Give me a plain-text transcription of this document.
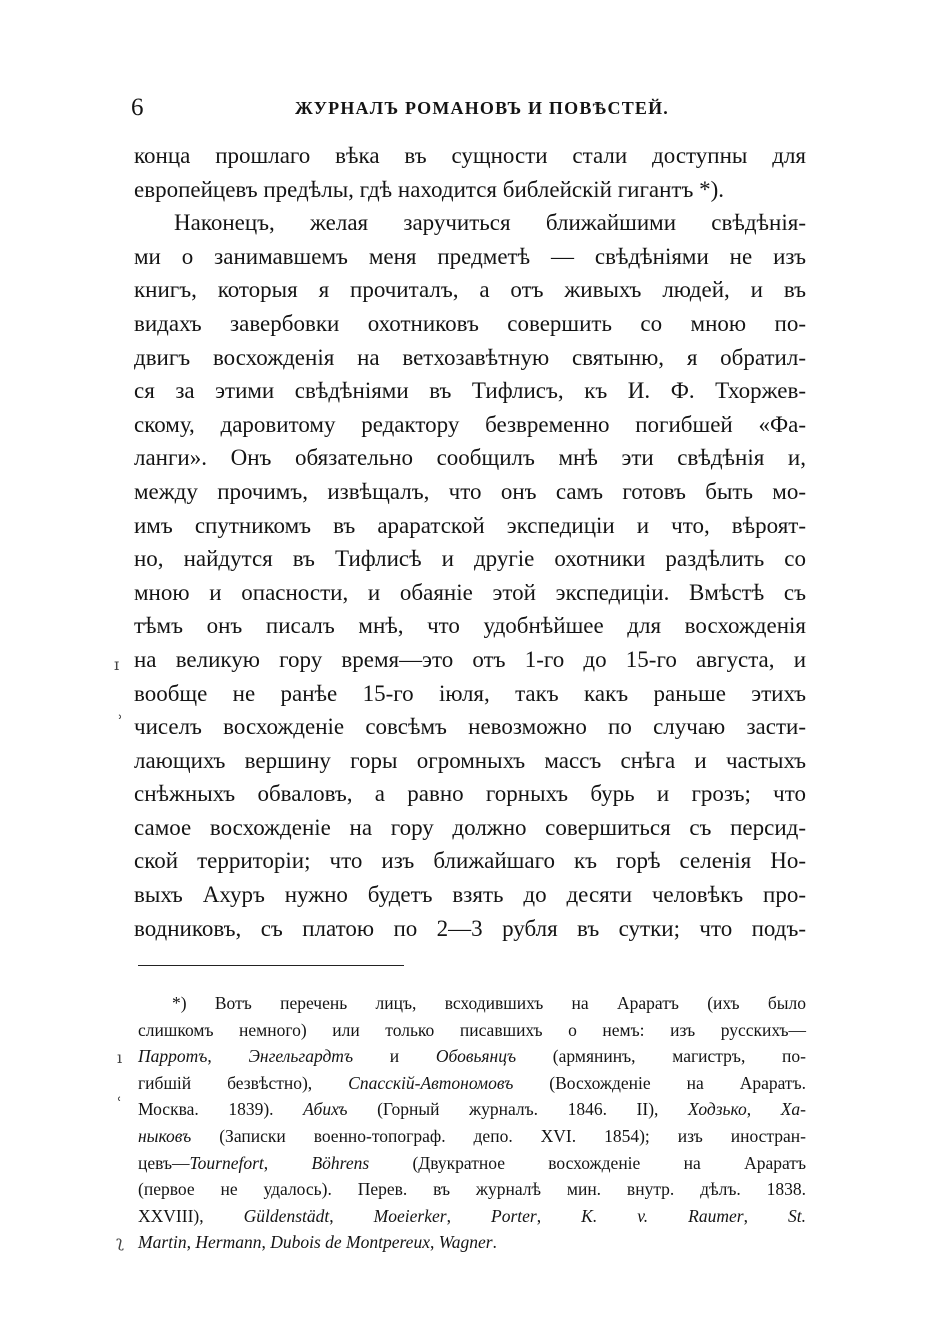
6	ЖУРНАЛЪ РОМАНОВЪ И ПОВѢСТЕЙ.
конца прошлаго вѣка въ сущности стали доступны для
европейцевъ предѣлы, гдѣ находится библейскій гигантъ *).
Наконецъ, желая заручиться ближайшими свѣдѣнія-
ми о занимавшемъ меня предметѣ — свѣдѣніями не изъ
книгъ, которыя я прочиталъ, а отъ живыхъ людей, и въ
видахъ завербовки охотниковъ совершить со мною по-
двигъ восхожденія на ветхозавѣтную святыню, я обратил-
ся за этими свѣдѣніями въ Тифлисъ, къ И. Ф. Тхоржев-
скому, даровитому редактору безвременно погибшей «Фа-
ланги». Онъ обязательно сообщилъ мнѣ эти свѣдѣнія и,
между прочимъ, извѣщалъ, что онъ самъ готовъ быть мо-
имъ спутникомъ въ араратской экспедиціи и что, вѣроят-
но, найдутся въ Тифлисѣ и другіе охотники раздѣлить со
мною и опасности, и обаяніе этой экспедиціи. Вмѣстѣ съ
тѣмъ онъ писалъ мнѣ, что удобнѣйшее для восхожденія
на великую гору время—это отъ 1-го до 15-го августа, и
вообще не ранѣе 15-го іюля, такъ какъ раньше этихъ
чиселъ восхожденіе совсѣмъ невозможно по случаю засти-
лающихъ вершину горы огромныхъ массъ снѣга и частыхъ
снѣжныхъ обваловъ, а равно горныхъ бурь и грозъ; что
самое восхожденіе на гору должно совершиться съ персид-
ской территоріи; что изъ ближайшаго къ горѣ селенія Но-
выхъ Ахуръ нужно будетъ взять до десяти человѣкъ про-
водниковъ, съ платою по 2—3 рубля въ сутки; что подъ-
*) Вотъ перечень лицъ, всходившихъ на Араратъ (ихъ было
слишкомъ немного) или только писавшихъ о немъ: изъ русскихъ—
Парротъ, Энгельгардтъ и Обовьянцъ (армянинъ, магистръ, по-
гибшій безвѣстно), Спасскій-Автономовъ (Восхожденіе на Араратъ.
Москва. 1839). Абихъ (Горный журналъ. 1846. II), Ходзько, Ха-
ныковъ (Записки военно-топограф. депо. XVI. 1854); изъ иностран-
цевъ—Tournefort, Böhrens (Двукратное восхожденіе на Араратъ
(первое не удалось). Перев. въ журналѣ мин. внутр. дѣлъ. 1838.
XXVIII), Güldenstädt, Moeierker, Porter, K. v. Raumer, St.
Martin, Hermann, Dubois de Montpereux, Wagner.
ɪ
ʾ
ı
ʿ
ʅ
